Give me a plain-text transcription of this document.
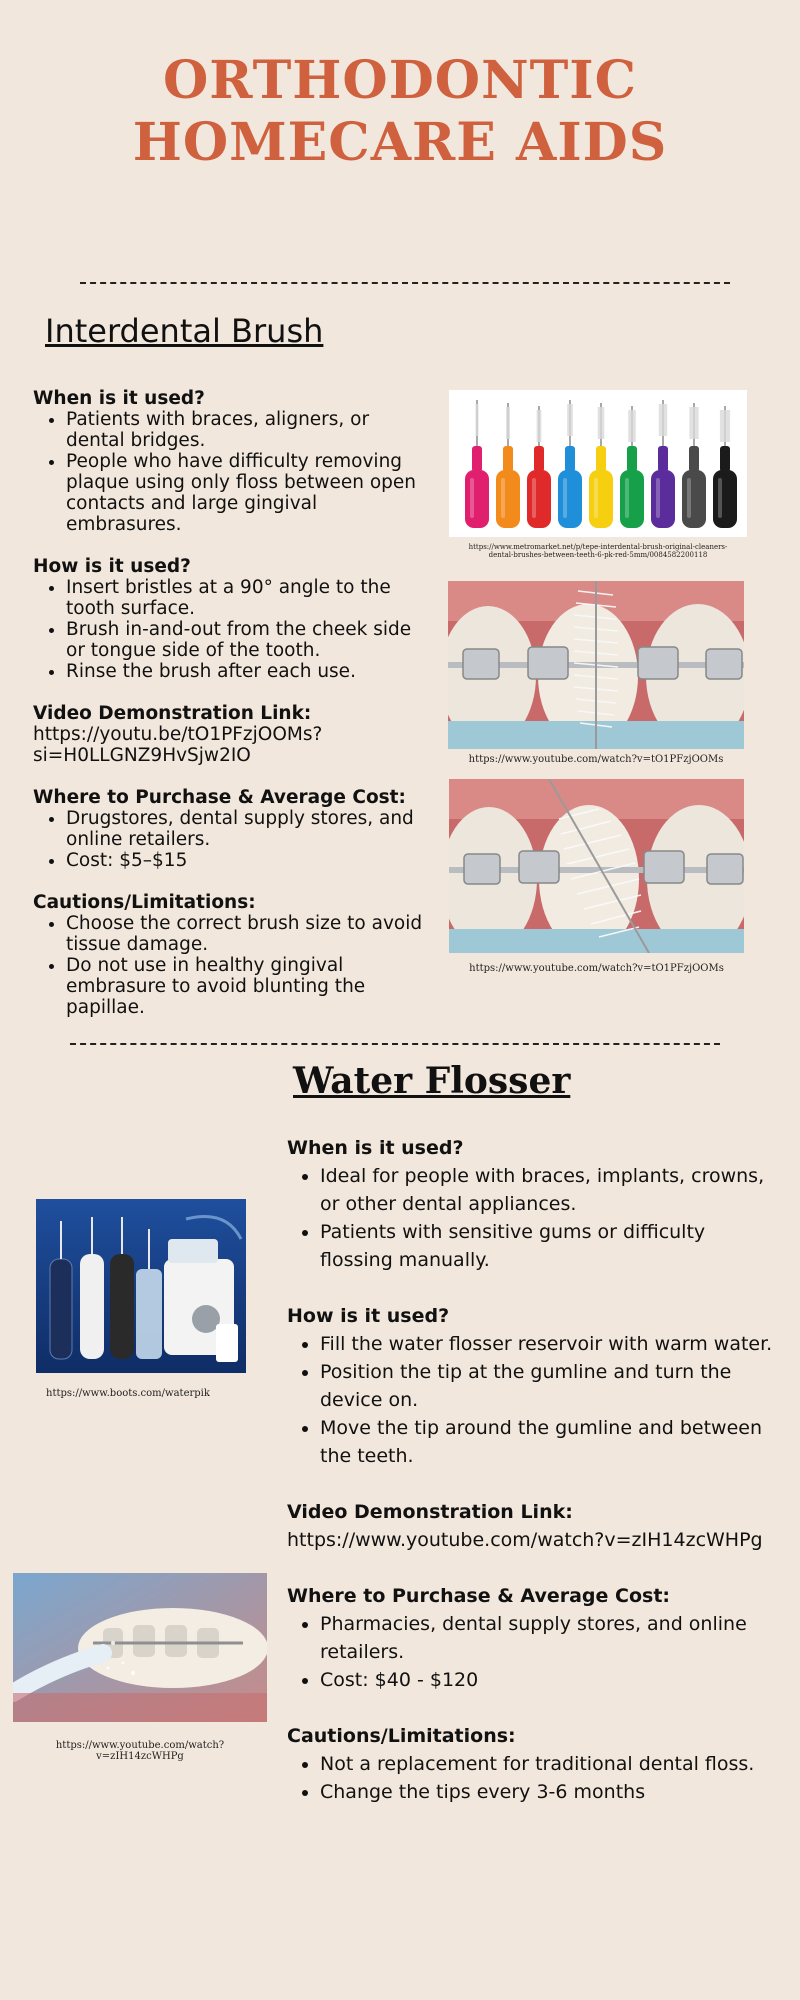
ORTHODONTIC
HOMECARE AIDS
Interdental Brush
When is it used?
• Patients with braces, aligners, or dental bridges.
• People who have difficulty removing plaque using only floss between open contacts and large gingival embrasures.
How is it used?
• Insert bristles at a 90° angle to the tooth surface.
• Brush in-and-out from the cheek side or tongue side of the tooth.
• Rinse the brush after each use.
Video Demonstration Link:
https://youtu.be/tO1PFzjOOMs?
si=H0LLGNZ9HvSjw2IO
Where to Purchase & Average Cost:
• Drugstores, dental supply stores, and online retailers.
• Cost: $5–$15
Cautions/Limitations:
• Choose the correct brush size to avoid tissue damage.
• Do not use in healthy gingival embrasure to avoid blunting the papillae.
https://www.metromarket.net/p/tepe-interdental-brush-original-cleaners-
dental-brushes-between-teeth-6-pk-red-5mm/0084582200118
https://www.youtube.com/watch?v=tO1PFzjOOMs
https://www.youtube.com/watch?v=tO1PFzjOOMs
Water Flosser
When is it used?
• Ideal for people with braces, implants, crowns, or other dental appliances.
• Patients with sensitive gums or difficulty flossing manually.
How is it used?
• Fill the water flosser reservoir with warm water.
• Position the tip at the gumline and turn the device on.
• Move the tip around the gumline and between the teeth.
Video Demonstration Link:
https://www.youtube.com/watch?v=zIH14zcWHPg
Where to Purchase & Average Cost:
• Pharmacies, dental supply stores, and online retailers.
• Cost: $40 - $120
Cautions/Limitations:
• Not a replacement for traditional dental floss.
• Change the tips every 3-6 months
https://www.boots.com/waterpik
https://www.youtube.com/watch?v=zIH14zcWHPg
